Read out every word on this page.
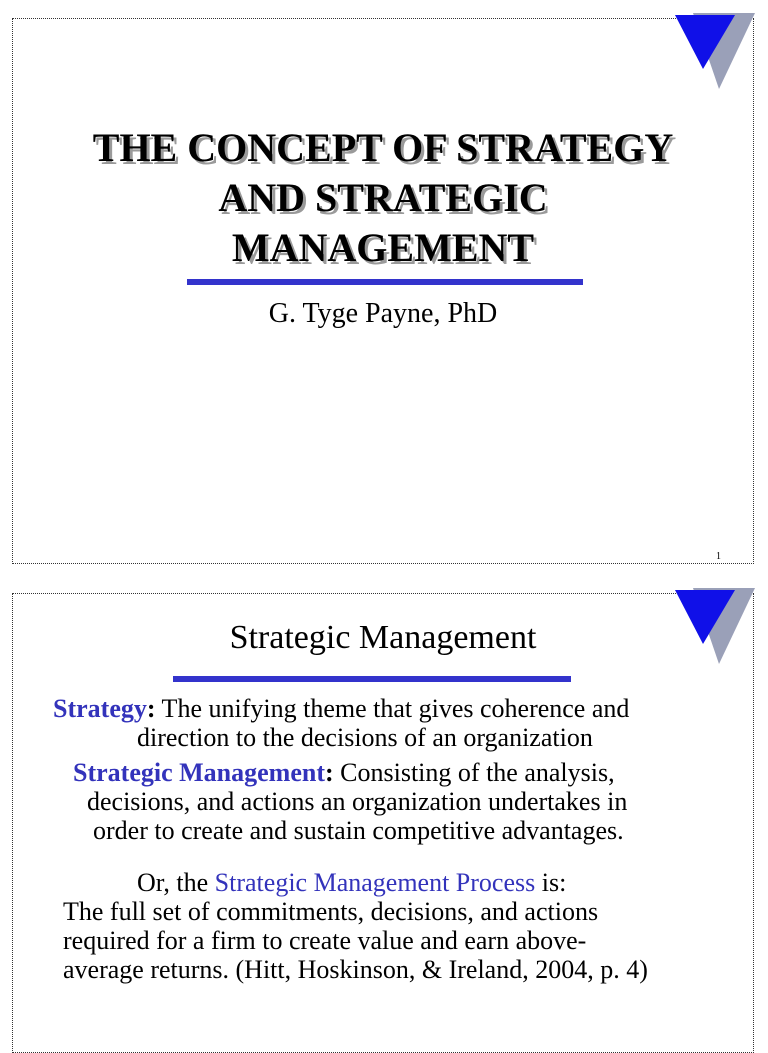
THE CONCEPT OF STRATEGY
AND STRATEGIC
MANAGEMENT
G. Tyge Payne, PhD
1
Strategic Management
Strategy: The unifying theme that gives coherence and
direction to the decisions of an organization
Strategic Management: Consisting of the analysis,
decisions, and actions an organization undertakes in
order to create and sustain competitive advantages.
Or, the Strategic Management Process is:
The full set of commitments, decisions, and actions
required for a firm to create value and earn above-
average returns. (Hitt, Hoskinson, & Ireland, 2004, p. 4)
